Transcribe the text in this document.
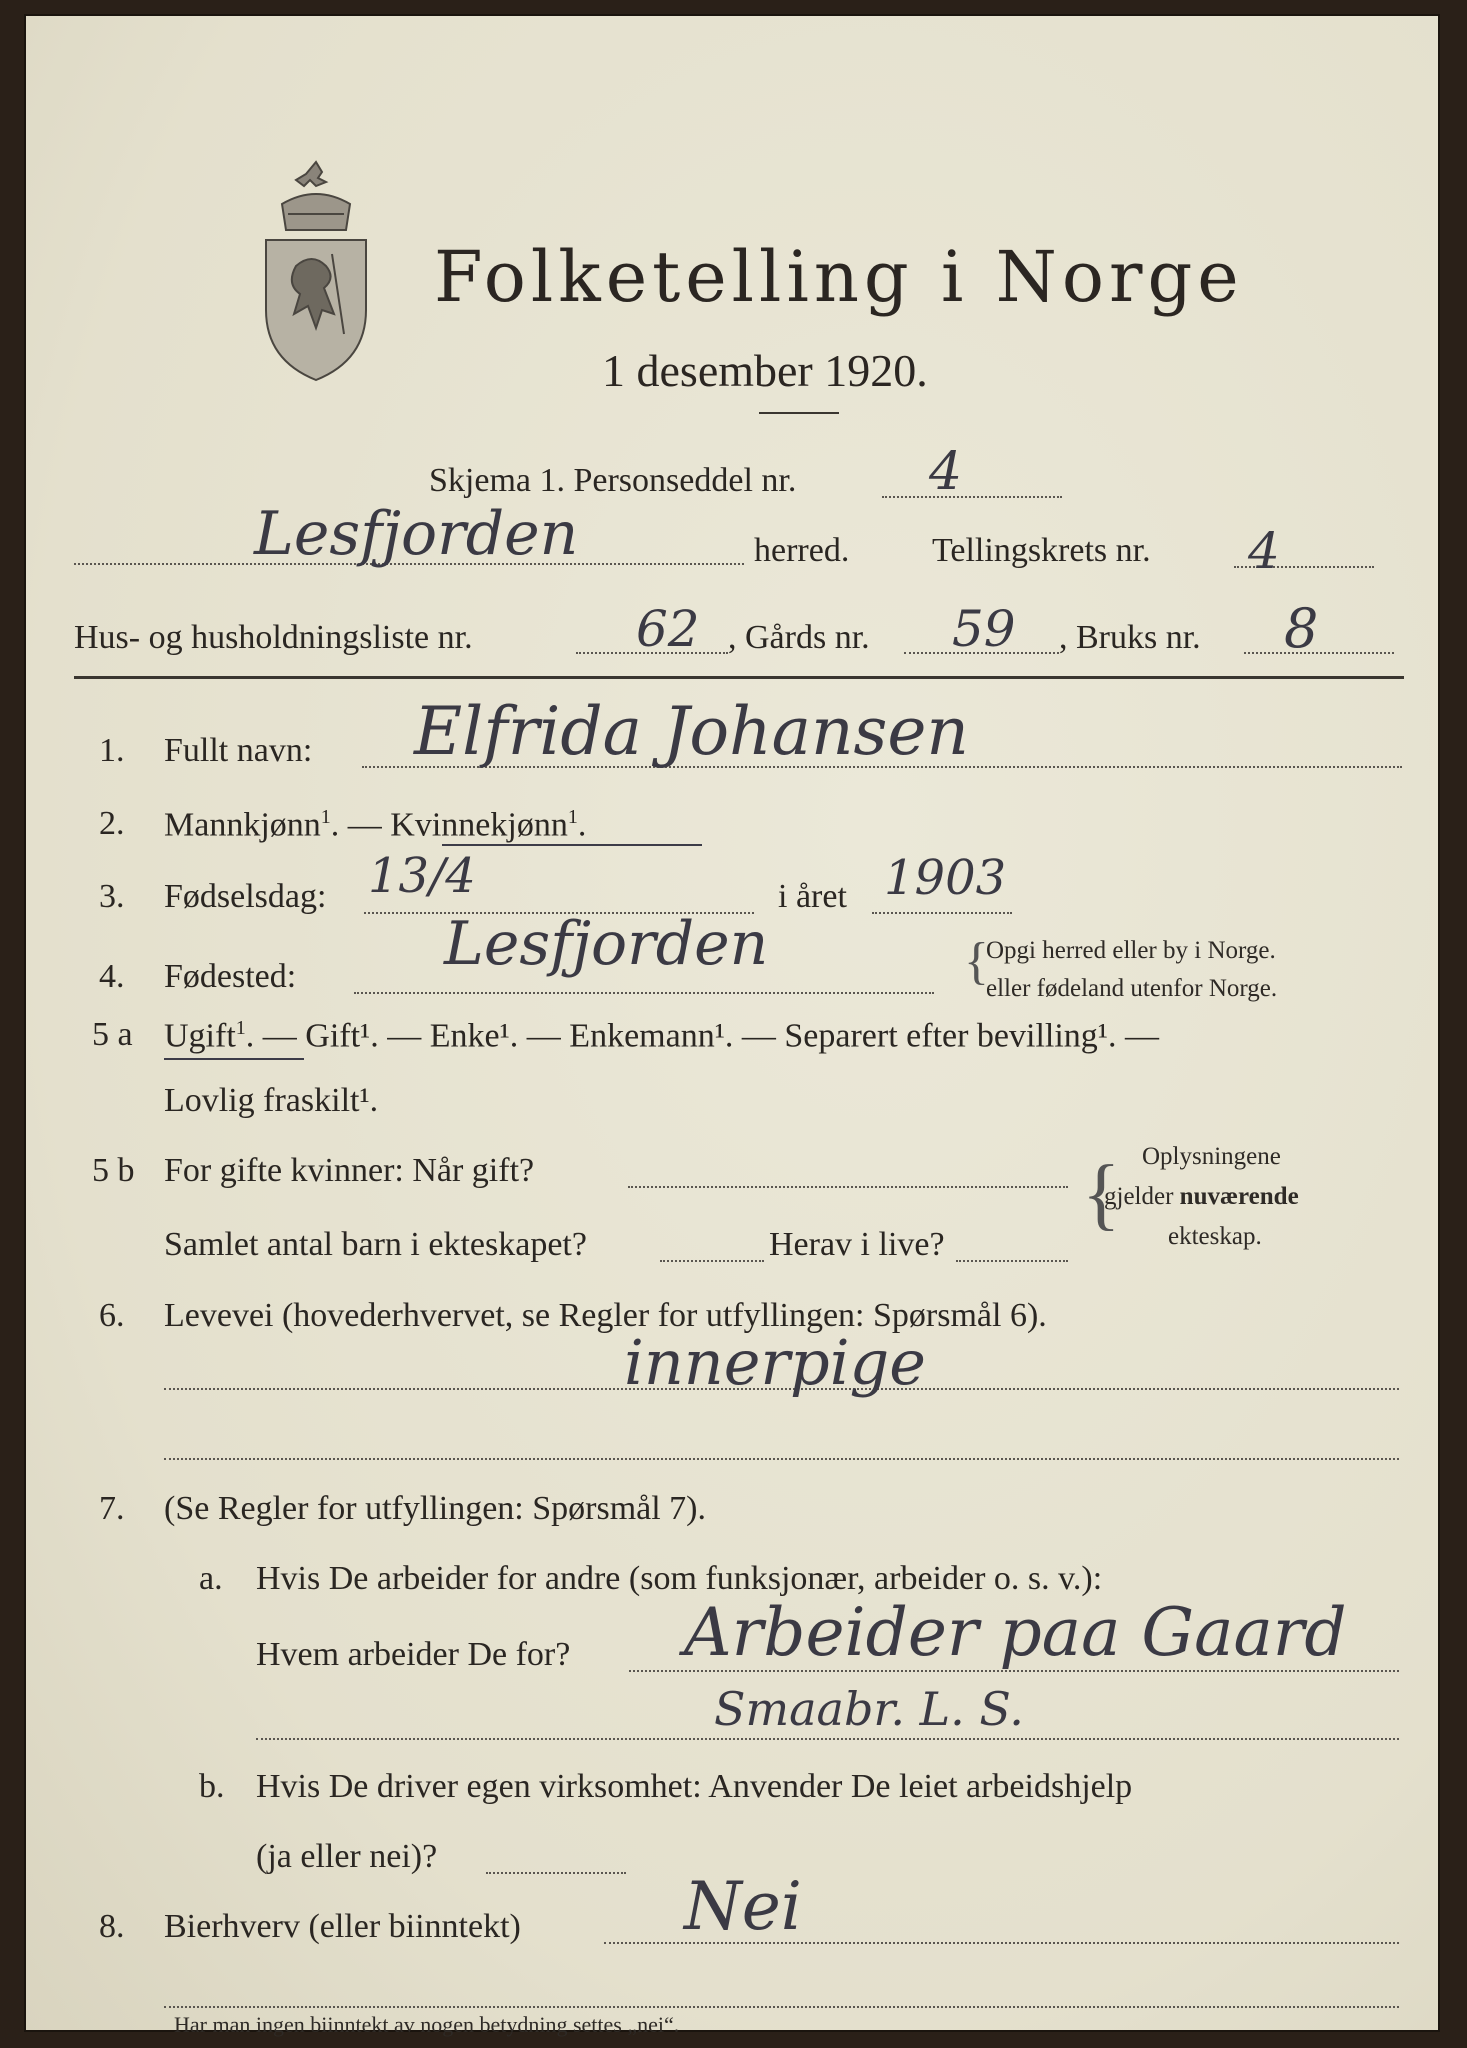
Folketelling i Norge
1 desember 1920.
Skjema 1. Personseddel nr.	4
Lesfjorden	herred. Tellingskrets nr. 4
Hus- og husholdningsliste nr.	62 , Gårds nr. 59 , Bruks nr. 8
1. Fullt navn: Elfrida Johansen
2. Mannkjønn$^1$. — Kvinnekjønn$^1$.
3. Fødselsdag: 13/4	i året 1903
4. Fødested: Lesfjorden	{
Opgi herred eller by i Norge.
eller fødeland utenfor Norge.
5 a Ugift$^1$. — Gift¹. — Enke¹. — Enkemann¹. — Separert efter bevilling¹. —
Lovlig fraskilt¹.
5 b For gifte kvinner: Når gift?
Samlet antal barn i ekteskapet?	Herav i live?
{ Oplysningene
gjelder nuværende
ekteskap.
6. Levevei (hovederhvervet, se Regler for utfyllingen: Spørsmål 6).
innerpige
7. (Se Regler for utfyllingen: Spørsmål 7).
a. Hvis De arbeider for andre (som funksjonær, arbeider o. s. v.):
Hvem arbeider De for? Arbeider paa Gaard
Smaabr. L. S.
b. Hvis De driver egen virksomhet: Anvender De leiet arbeidshjelp
(ja eller nei)?
8. Bierhverv (eller biinntekt) Nei
Har man ingen biinntekt av nogen betydning settes „nei“.
